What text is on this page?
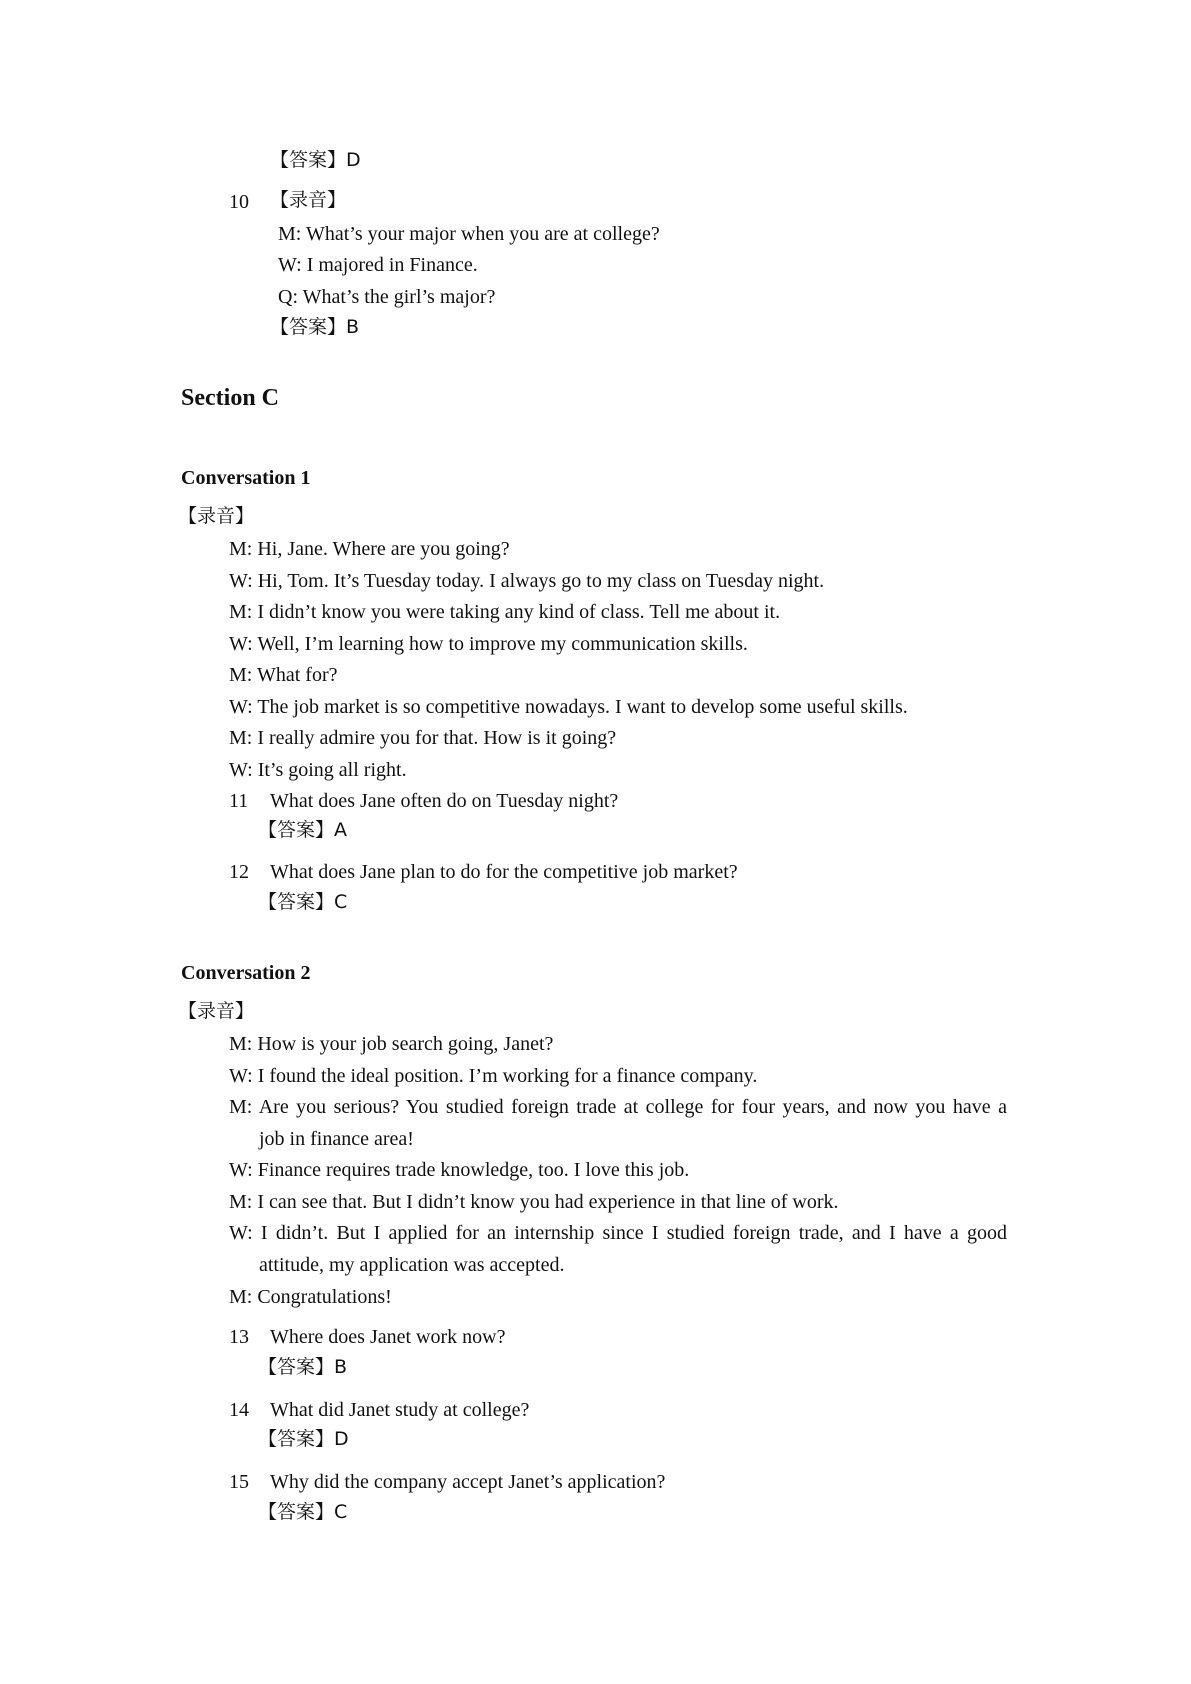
【答案】D
10 【录音】
M: What’s your major when you are at college?
W: I majored in Finance.
Q: What’s the girl’s major?
【答案】B
Section C
Conversation 1
【录音】
M: Hi, Jane. Where are you going?
W: Hi, Tom. It’s Tuesday today. I always go to my class on Tuesday night.
M: I didn’t know you were taking any kind of class. Tell me about it.
W: Well, I’m learning how to improve my communication skills.
M: What for?
W: The job market is so competitive nowadays. I want to develop some useful skills.
M: I really admire you for that. How is it going?
W: It’s going all right.
11 What does Jane often do on Tuesday night?
【答案】A
12 What does Jane plan to do for the competitive job market?
【答案】C
Conversation 2
【录音】
M: How is your job search going, Janet?
W: I found the ideal position. I’m working for a finance company.
M: Are you serious? You studied foreign trade at college for four years, and now you have a
job in finance area!
W: Finance requires trade knowledge, too. I love this job.
M: I can see that. But I didn’t know you had experience in that line of work.
W: I didn’t. But I applied for an internship since I studied foreign trade, and I have a good
attitude, my application was accepted.
M: Congratulations!
13 Where does Janet work now?
【答案】B
14 What did Janet study at college?
【答案】D
15 Why did the company accept Janet’s application?
【答案】C
